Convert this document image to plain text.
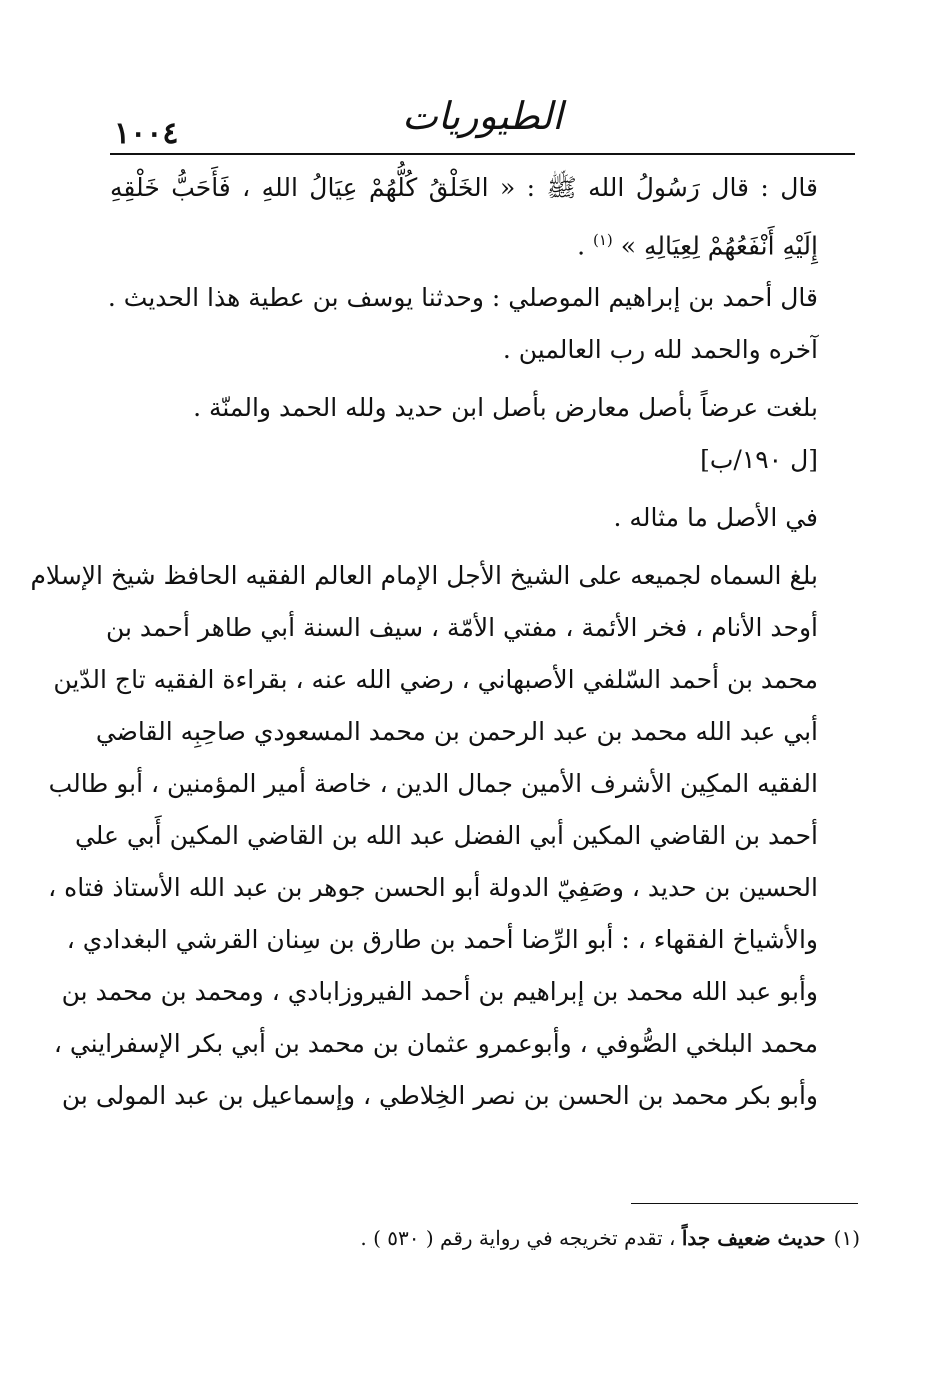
١٠٠٤	الطيوريات
قال : قال رَسُولُ الله ﷺ : « الخَلْقُ كُلُّهُمْ عِيَالُ اللهِ ، فَأَحَبُّ خَلْقِهِ
إِلَيْهِ أَنْفَعُهُمْ لِعِيَالِهِ » $^{(١)}$ .
قال أحمد بن إبراهيم الموصلي : وحدثنا يوسف بن عطية هذا الحديث .
آخره والحمد لله رب العالمين .
بلغت عرضاً بأصل معارض بأصل ابن حديد ولله الحمد والمنّة .
[ل ١٩٠/ب]
في الأصل ما مثاله .
بلغ السماه لجميعه على الشيخ الأجل الإمام العالم الفقيه الحافظ شيخ الإسلام
أوحد الأنام ، فخر الأئمة ، مفتي الأمّة ، سيف السنة أبي طاهر أحمد بن
محمد بن أحمد السّلفي الأصبهاني ، رضي الله عنه ، بقراءة الفقيه تاج الدّين
أبي عبد الله محمد بن عبد الرحمن بن محمد المسعودي صاحِبِه القاضي
الفقيه المكِين الأشرف الأمين جمال الدين ، خاصة أمير المؤمنين ، أبو طالب
أحمد بن القاضي المكين أبي الفضل عبد الله بن القاضي المكين أَبي علي
الحسين بن حديد ، وصَفِيّ الدولة أبو الحسن جوهر بن عبد الله الأستاذ فتاه ،
والأشياخ الفقهاء ، : أبو الرِّضا أحمد بن طارق بن سِنان القرشي البغدادي ،
وأبو عبد الله محمد بن إبراهيم بن أحمد الفيروزابادي ، ومحمد بن محمد بن
محمد البلخي الصُّوفي ، وأبوعمرو عثمان بن محمد بن أبي بكر الإسفرايني ،
وأبو بكر محمد بن الحسن بن نصر الخِلاطي ، وإسماعيل بن عبد المولى بن
(١)حديث ضعيف جداً ، تقدم تخريجه في رواية رقم ( ٥٣٠ ) .
